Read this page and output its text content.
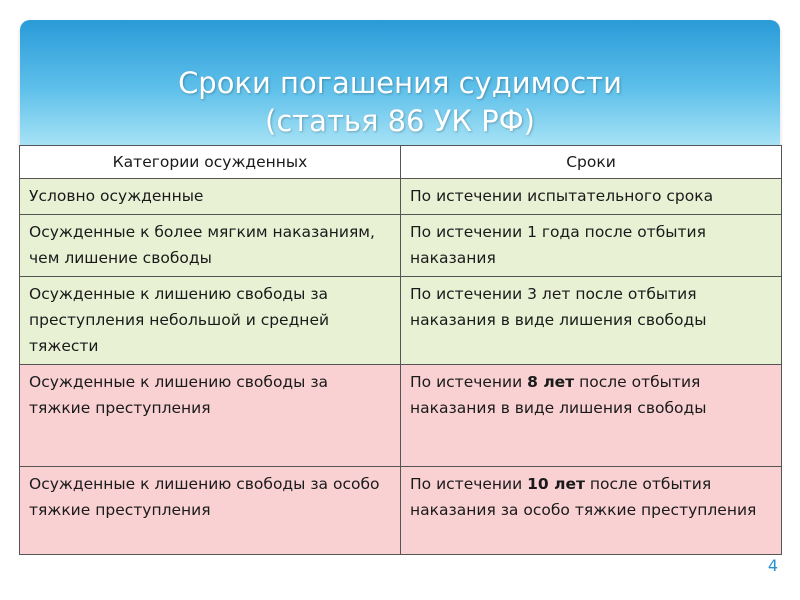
Сроки погашения судимости
(статья 86 УК РФ)
Категории осужденных	Сроки
Условно осужденные	По истечении испытательного срока
Осужденные к более мягким наказаниям, чем лишение свободы	По истечении 1 года после отбытия наказания
Осужденные к лишению свободы за преступления небольшой и средней тяжести	По истечении 3 лет после отбытия наказания в виде лишения свободы
Осужденные к лишению свободы за тяжкие преступления	По истечении 8 лет после отбытия наказания в виде лишения свободы
Осужденные к лишению свободы за особо тяжкие преступления	По истечении 10 лет после отбытия наказания за особо тяжкие преступления
4
